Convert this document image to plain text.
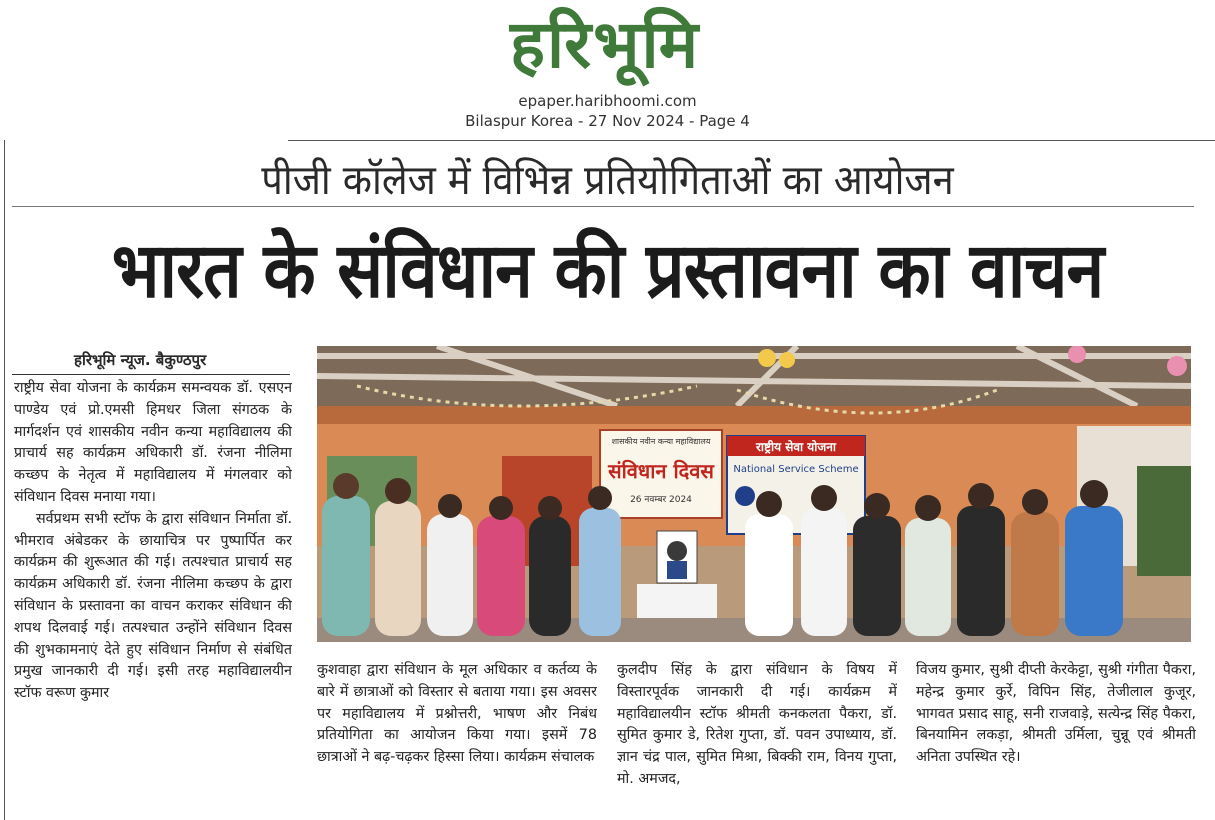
हरिभूमि
epaper.haribhoomi.com
Bilaspur Korea - 27 Nov 2024 - Page 4
पीजी कॉलेज में विभिन्न प्रतियोगिताओं का आयोजन
भारत के संविधान की प्रस्तावना का वाचन
हरिभूमि न्यूज. बैकुण्ठपुर

राष्ट्रीय सेवा योजना के कार्यक्रम समन्वयक डॉ. एसएन पाण्डेय एवं प्रो.एमसी हिमधर जिला संगठक के मार्गदर्शन एवं शासकीय नवीन कन्या महाविद्यालय की प्राचार्य सह कार्यक्रम अधिकारी डॉ. रंजना नीलिमा कच्छप के नेतृत्व में महाविद्यालय में मंगलवार को संविधान दिवस मनाया गया।

सर्वप्रथम सभी स्टॉफ के द्वारा संविधान निर्माता डॉ. भीमराव अंबेडकर के छायाचित्र पर पुष्पार्पित कर कार्यक्रम की शुरूआत की गई। तत्पश्चात प्राचार्य सह कार्यक्रम अधिकारी डॉ. रंजना नीलिमा कच्छप के द्वारा संविधान के प्रस्तावना का वाचन कराकर संविधान की शपथ दिलवाई गई। तत्पश्चात उन्होंने संविधान दिवस की शुभकामनाएं देते हुए संविधान निर्माण से संबंधित प्रमुख जानकारी दी गई। इसी तरह महाविद्यालयीन स्टॉफ वरूण कुमार

शासकीय नवीन कन्या महाविद्यालय
संविधान दिवस
26 नवम्बर 2024
राष्ट्रीय सेवा योजना
National Service Scheme

कुशवाहा द्वारा संविधान के मूल अधिकार व कर्तव्य के बारे में छात्राओं को विस्तार से बताया गया। इस अवसर पर महाविद्यालय में प्रश्नोत्तरी, भाषण और निबंध प्रतियोगिता का आयोजन किया गया। इसमें 78 छात्राओं ने बढ़-चढ़कर हिस्सा लिया। कार्यक्रम संचालक

कुलदीप सिंह के द्वारा संविधान के विषय में विस्तारपूर्वक जानकारी दी गई। कार्यक्रम में महाविद्यालयीन स्टॉफ श्रीमती कनकलता पैकरा, डॉ. सुमित कुमार डे, रितेश गुप्ता, डॉ. पवन उपाध्याय, डॉ. ज्ञान चंद्र पाल, सुमित मिश्रा, बिक्की राम, विनय गुप्ता, मो. अमजद,

विजय कुमार, सुश्री दीप्ती केरकेट्टा, सुश्री गंगीता पैकरा, महेन्द्र कुमार कुर्रे, विपिन सिंह, तेजीलाल कुजूर, भागवत प्रसाद साहू, सनी राजवाड़े, सत्येन्द्र सिंह पैकरा, बिनयामिन लकड़ा, श्रीमती उर्मिला, चुन्नू एवं श्रीमती अनिता उपस्थित रहे।
